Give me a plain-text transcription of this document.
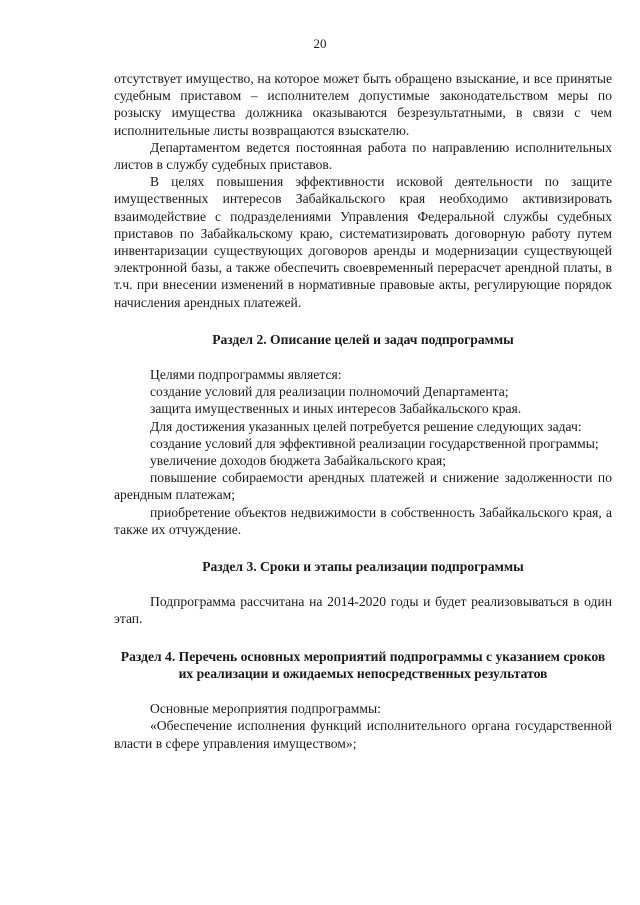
20

отсутствует имущество, на которое может быть обращено взыскание, и все принятые судебным приставом – исполнителем допустимые законодательством меры по розыску имущества должника оказываются безрезультатными, в связи с чем исполнительные листы возвращаются взыскателю.

Департаментом ведется постоянная работа по направлению исполнительных листов в службу судебных приставов.

В целях повышения эффективности исковой деятельности по защите имущественных интересов Забайкальского края необходимо активизировать взаимодействие с подразделениями Управления Федеральной службы судебных приставов по Забайкальскому краю, систематизировать договорную работу путем инвентаризации существующих договоров аренды и модернизации существующей электронной базы, а также обеспечить своевременный перерасчет арендной платы, в т.ч. при внесении изменений в нормативные правовые акты, регулирующие порядок начисления арендных платежей.

Раздел 2. Описание целей и задач подпрограммы

Целями подпрограммы является:

создание условий для реализации полномочий Департамента;

защита имущественных и иных интересов Забайкальского края.

Для достижения указанных целей потребуется решение следующих задач:

создание условий для эффективной реализации государственной программы;

увеличение доходов бюджета Забайкальского края;

повышение собираемости арендных платежей и снижение задолженности по арендным платежам;

приобретение объектов недвижимости в собственность Забайкальского края, а также их отчуждение.

Раздел 3. Сроки и этапы реализации подпрограммы

Подпрограмма рассчитана на 2014-2020 годы и будет реализовываться в один этап.

Раздел 4. Перечень основных мероприятий подпрограммы с указанием сроков их реализации и ожидаемых непосредственных результатов

Основные мероприятия подпрограммы:

«Обеспечение исполнения функций исполнительного органа государственной власти в сфере управления имуществом»;
